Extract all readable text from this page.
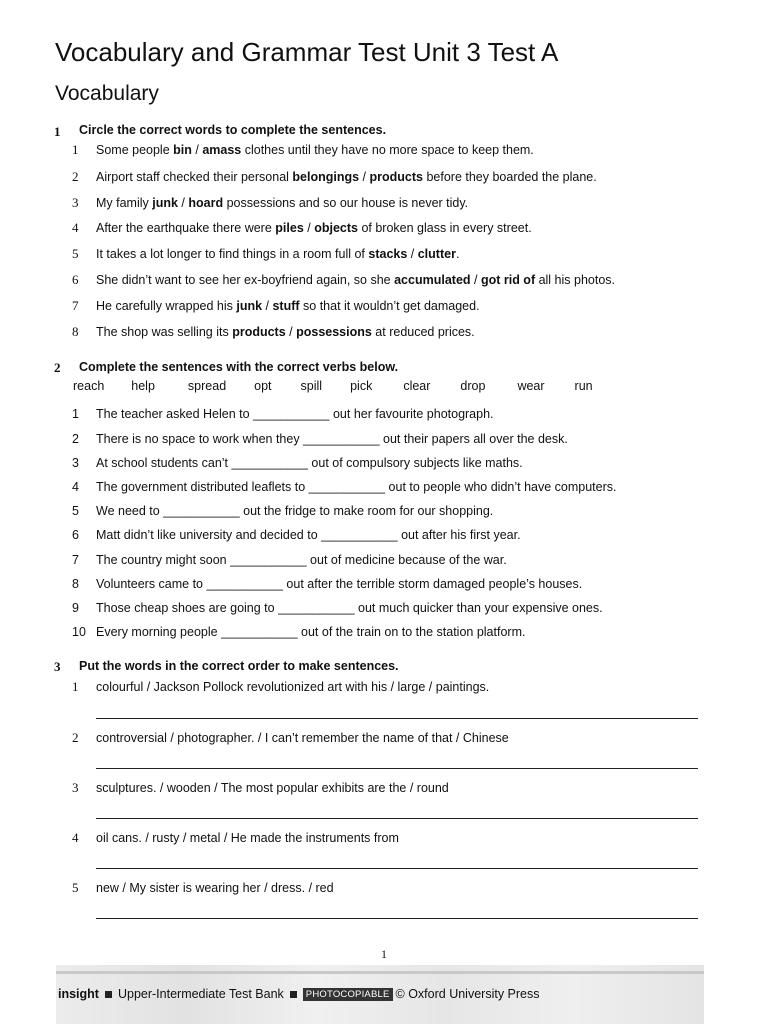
Vocabulary and Grammar Test Unit 3 Test A
Vocabulary
1 Circle the correct words to complete the sentences.
1 Some people bin / amass clothes until they have no more space to keep them.
2 Airport staff checked their personal belongings / products before they boarded the plane.
3 My family junk / hoard possessions and so our house is never tidy.
4 After the earthquake there were piles / objects of broken glass in every street.
5 It takes a lot longer to find things in a room full of stacks / clutter.
6 She didn’t want to see her ex-boyfriend again, so she accumulated / got rid of all his photos.
7 He carefully wrapped his junk / stuff so that it wouldn’t get damaged.
8 The shop was selling its products / possessions at reduced prices.
2 Complete the sentences with the correct verbs below.
reach help	spread opt spill pick clear drop	wear run
1 The teacher asked Helen to ___________ out her favourite photograph.
2 There is no space to work when they ___________ out their papers all over the desk.
3 At school students can’t ___________ out of compulsory subjects like maths.
4 The government distributed leaflets to ___________ out to people who didn’t have computers.
5 We need to ___________ out the fridge to make room for our shopping.
6 Matt didn’t like university and decided to ___________ out after his first year.
7 The country might soon ___________ out of medicine because of the war.
8 Volunteers came to ___________ out after the terrible storm damaged people’s houses.
9 Those cheap shoes are going to ___________ out much quicker than your expensive ones.
10 Every morning people ___________ out of the train on to the station platform.
3 Put the words in the correct order to make sentences.
1 colourful / Jackson Pollock revolutionized art with his / large / paintings.
2 controversial / photographer. / I can’t remember the name of that / Chinese
3 sculptures. / wooden / The most popular exhibits are the / round
4 oil cans. / rusty / metal / He made the instruments from
5 new / My sister is wearing her / dress. / red
1
insight Upper-Intermediate Test Bank	PHOTOCOPIABLE © Oxford University Press
